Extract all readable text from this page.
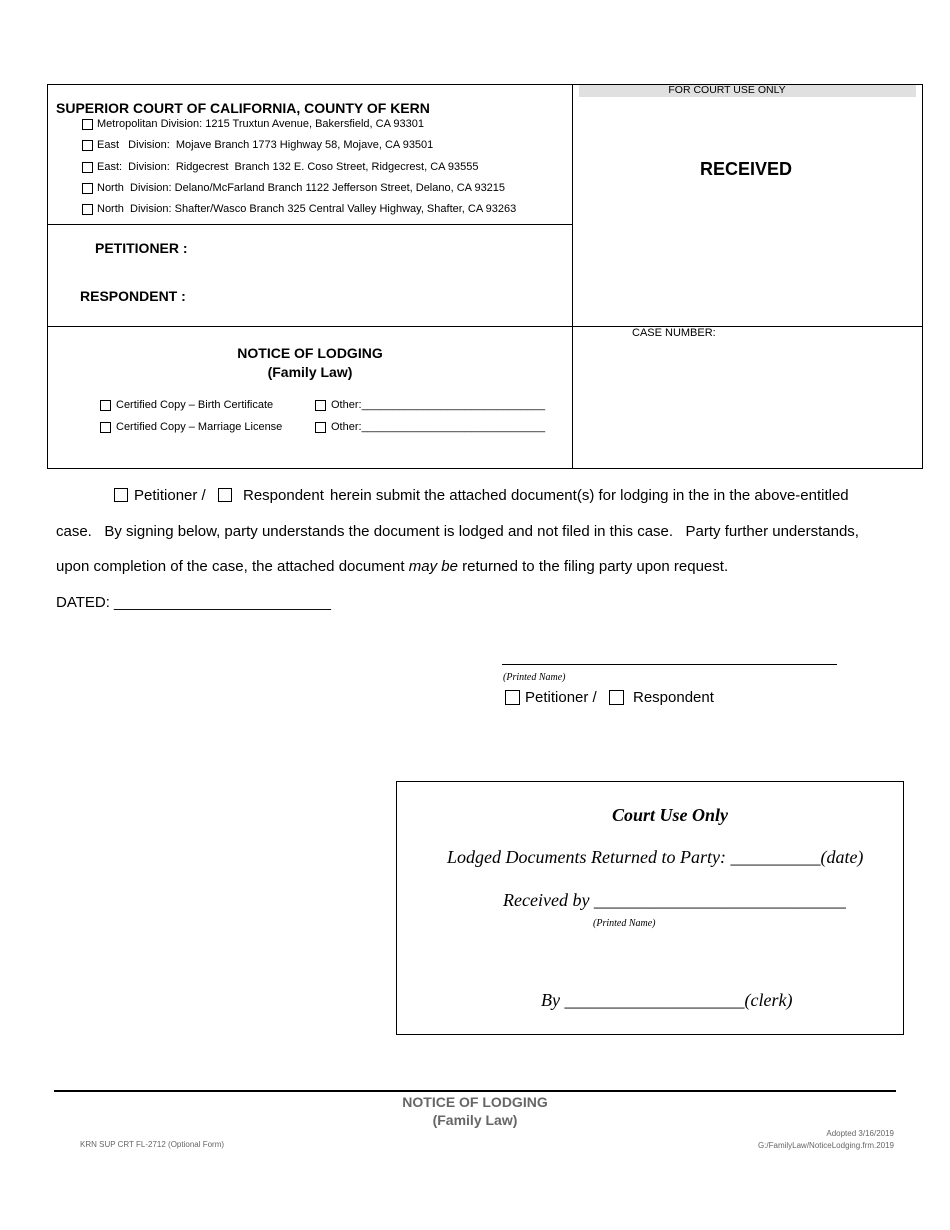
SUPERIOR COURT OF CALIFORNIA, COUNTY OF KERN
Metropolitan Division: 1215 Truxtun Avenue, Bakersfield, CA 93301
East   Division:  Mojave Branch 1773 Highway 58, Mojave, CA 93501
East:  Division:  Ridgecrest  Branch 132 E. Coso Street, Ridgecrest, CA 93555
North  Division: Delano/McFarland Branch 1122 Jefferson Street, Delano, CA 93215
North  Division: Shafter/Wasco Branch 325 Central Valley Highway, Shafter, CA 93263
FOR COURT USE ONLY
RECEIVED
PETITIONER :
RESPONDENT :
CASE NUMBER:
NOTICE OF LODGING
(Family Law)
Certified Copy – Birth Certificate
Certified Copy – Marriage License
Other:______________________________
Other:______________________________
Petitioner / Respondent herein submit the attached document(s) for lodging in the in the above-entitled
case.   By signing below, party understands the document is lodged and not filed in this case.   Party further understands,
upon completion of the case, the attached document may be returned to the filing party upon request.
DATED: __________________________
(Printed Name)
Petitioner / Respondent
Court Use Only
Lodged Documents Returned to Party: __________(date)
Received by ____________________________
(Printed Name)
By ____________________(clerk)
NOTICE OF LODGING
(Family Law)
KRN SUP CRT FL-2712 (Optional Form)
Adopted 3/16/2019
G:/FamilyLaw/NoticeLodging.frm.2019
